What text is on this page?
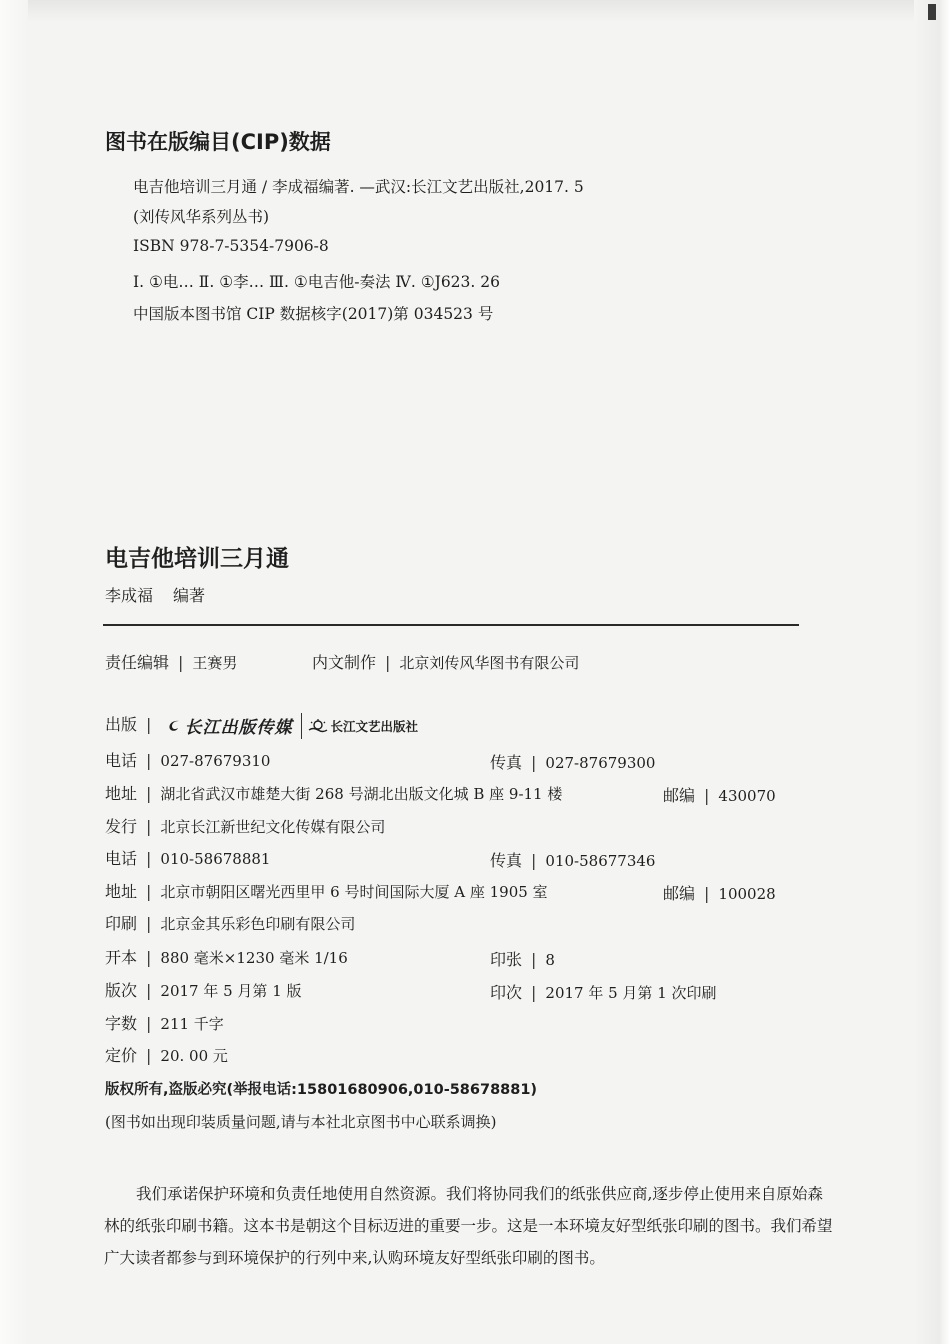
图书在版编目(CIP)数据
电吉他培训三月通 / 李成福编著. —武汉:长江文艺出版社,2017. 5
(刘传风华系列丛书)
ISBN 978-7-5354-7906-8
Ⅰ. ①电… Ⅱ. ①李… Ⅲ. ①电吉他-奏法 Ⅳ. ①J623. 26
中国版本图书馆 CIP 数据核字(2017)第 034523 号
电吉他培训三月通
李成福 编著
责任编辑 | 王赛男	内文制作 | 北京刘传风华图书有限公司
出版 | 长江出版传媒	长江文艺出版社
电话 | 027-87679310	传真 | 027-87679300
地址 | 湖北省武汉市雄楚大街 268 号湖北出版文化城 B 座 9-11 楼	邮编 | 430070
发行 | 北京长江新世纪文化传媒有限公司
电话 | 010-58678881	传真 | 010-58677346
地址 | 北京市朝阳区曙光西里甲 6 号时间国际大厦 A 座 1905 室	邮编 | 100028
印刷 | 北京金其乐彩色印刷有限公司
开本 | 880 毫米×1230 毫米 1/16	印张 | 8
版次 | 2017 年 5 月第 1 版	印次 | 2017 年 5 月第 1 次印刷
字数 | 211 千字
定价 | 20. 00 元
版权所有,盗版必究(举报电话:15801680906,010-58678881)
(图书如出现印装质量问题,请与本社北京图书中心联系调换)
我们承诺保护环境和负责任地使用自然资源。我们将协同我们的纸张供应商,逐步停止使用来自原始森林的纸张印刷书籍。这本书是朝这个目标迈进的重要一步。这是一本环境友好型纸张印刷的图书。我们希望广大读者都参与到环境保护的行列中来,认购环境友好型纸张印刷的图书。
